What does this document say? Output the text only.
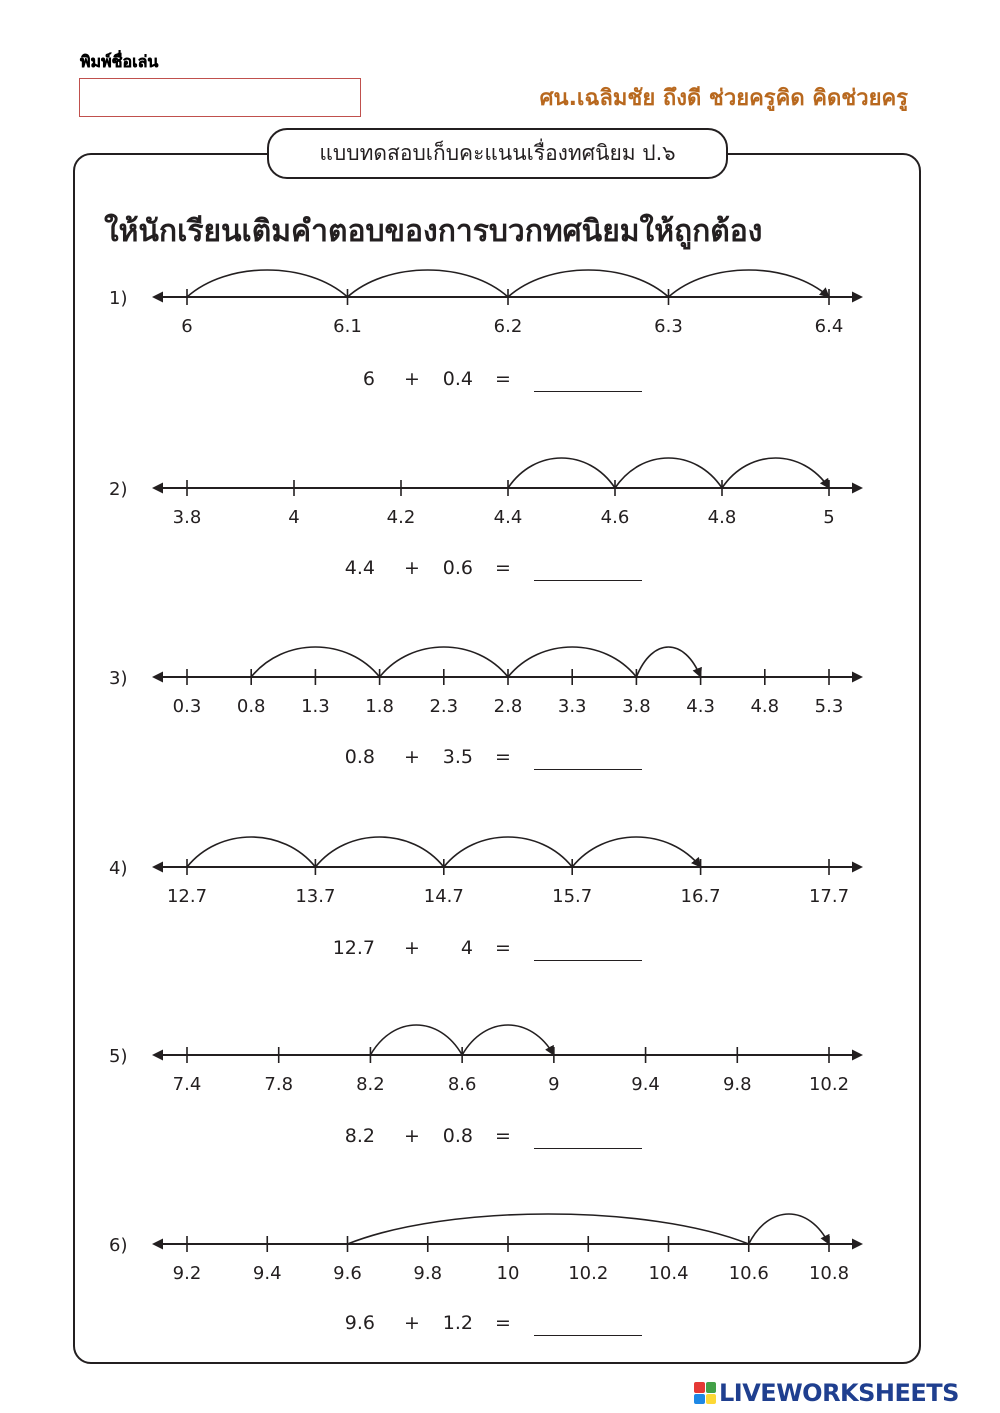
พิมพ์ชื่อเล่น
ศน.เฉลิมชัย ถึงดี ช่วยครูคิด คิดช่วยครู
แบบทดสอบเก็บคะแนนเรื่องทศนิยม ป.๖
ให้นักเรียนเติมคำตอบของการบวกทศนิยมให้ถูกต้อง
1)
6	6.1	6.2	6.3	6.4
2)
3.8	4	4.2	4.4	4.6	4.8	5
3)
0.3 0.8 1.3 1.8 2.3 2.8 3.3 3.8 4.3 4.8 5.3
4)
12.7	13.7	14.7	15.7	16.7	17.7
5)
7.4	7.8	8.2	8.6	9	9.4	9.8	10.2
6)
9.2	9.4	9.6	9.8	10	10.2 10.4 10.6 10.8
6 + 0.4 =
4.4 + 0.6 =
0.8 + 3.5 =
12.7 + 4 =
8.2 + 0.8 =
9.6 + 1.2 =
LIVEWORKSHEETS
